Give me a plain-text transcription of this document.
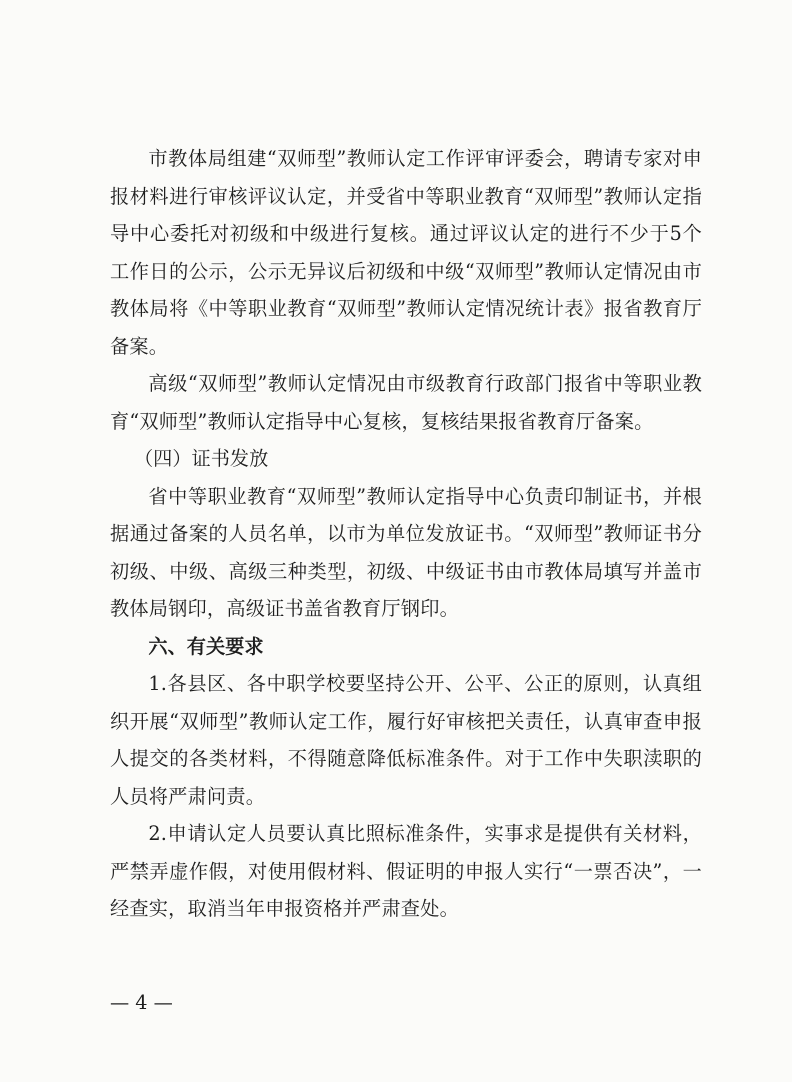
市教体局组建“双师型”教师认定工作评审评委会，聘请专家对申报材料进行审核评议认定，并受省中等职业教育“双师型”教师认定指导中心委托对初级和中级进行复核。通过评议认定的进行不少于5个工作日的公示，公示无异议后初级和中级“双师型”教师认定情况由市教体局将《中等职业教育“双师型”教师认定情况统计表》报省教育厅备案。

高级“双师型”教师认定情况由市级教育行政部门报省中等职业教育“双师型”教师认定指导中心复核，复核结果报省教育厅备案。

（四）证书发放

省中等职业教育“双师型”教师认定指导中心负责印制证书，并根据通过备案的人员名单，以市为单位发放证书。“双师型”教师证书分初级、中级、高级三种类型，初级、中级证书由市教体局填写并盖市教体局钢印，高级证书盖省教育厅钢印。

六、有关要求

1.各县区、各中职学校要坚持公开、公平、公正的原则，认真组织开展“双师型”教师认定工作，履行好审核把关责任，认真审查申报人提交的各类材料，不得随意降低标准条件。对于工作中失职渎职的人员将严肃问责。

2.申请认定人员要认真比照标准条件，实事求是提供有关材料，严禁弄虚作假，对使用假材料、假证明的申报人实行“一票否决”，一经查实，取消当年申报资格并严肃查处。

— 4 —
